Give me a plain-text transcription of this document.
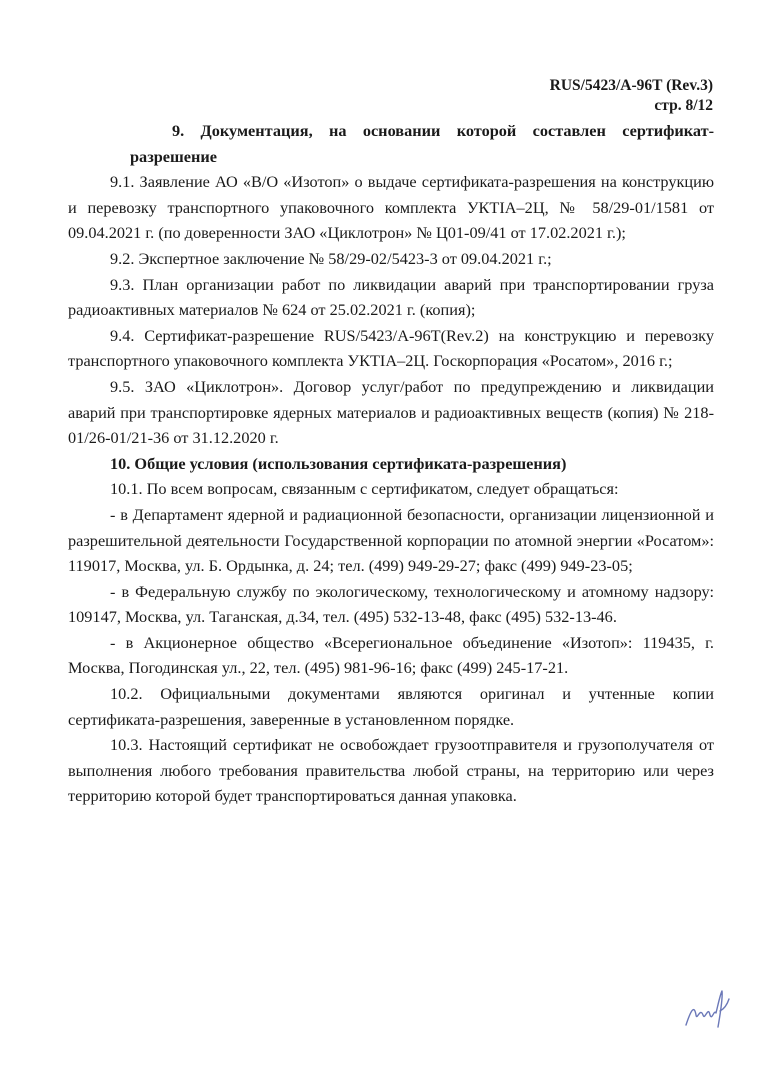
RUS/5423/A-96T (Rev.3)
стр. 8/12

9. Документация, на основании которой составлен сертификат-разрешение

9.1. Заявление АО «В/О «Изотоп» о выдаче сертификата-разрешения на конструкцию и перевозку транспортного упаковочного комплекта УКТIA–2Ц, № 58/29-01/1581 от 09.04.2021 г. (по доверенности ЗАО «Циклотрон» № Ц01-09/41 от 17.02.2021 г.);

9.2. Экспертное заключение № 58/29-02/5423-3 от 09.04.2021 г.;

9.3. План организации работ по ликвидации аварий при транспортировании груза радиоактивных материалов № 624 от 25.02.2021 г. (копия);

9.4. Сертификат-разрешение RUS/5423/A-96T(Rev.2) на конструкцию и перевозку транспортного упаковочного комплекта УКТIA–2Ц. Госкорпорация «Росатом», 2016 г.;

9.5. ЗАО «Циклотрон». Договор услуг/работ по предупреждению и ликвидации аварий при транспортировке ядерных материалов и радиоактивных веществ (копия) № 218-01/26-01/21-36 от 31.12.2020 г.

10. Общие условия (использования сертификата-разрешения)

10.1. По всем вопросам, связанным с сертификатом, следует обращаться:

- в Департамент ядерной и радиационной безопасности, организации лицензионной и разрешительной деятельности Государственной корпорации по атомной энергии «Росатом»: 119017, Москва, ул. Б. Ордынка, д. 24; тел. (499) 949-29-27; факс (499) 949-23-05;

- в Федеральную службу по экологическому, технологическому и атомному надзору: 109147, Москва, ул. Таганская, д.34, тел. (495) 532-13-48, факс (495) 532-13-46.

- в Акционерное общество «Всерегиональное объединение «Изотоп»: 119435, г. Москва, Погодинская ул., 22, тел. (495) 981-96-16; факс (499) 245-17-21.

10.2. Официальными документами являются оригинал и учтенные копии сертификата-разрешения, заверенные в установленном порядке.

10.3. Настоящий сертификат не освобождает грузоотправителя и грузополучателя от выполнения любого требования правительства любой страны, на территорию или через территорию которой будет транспортироваться данная упаковка.
